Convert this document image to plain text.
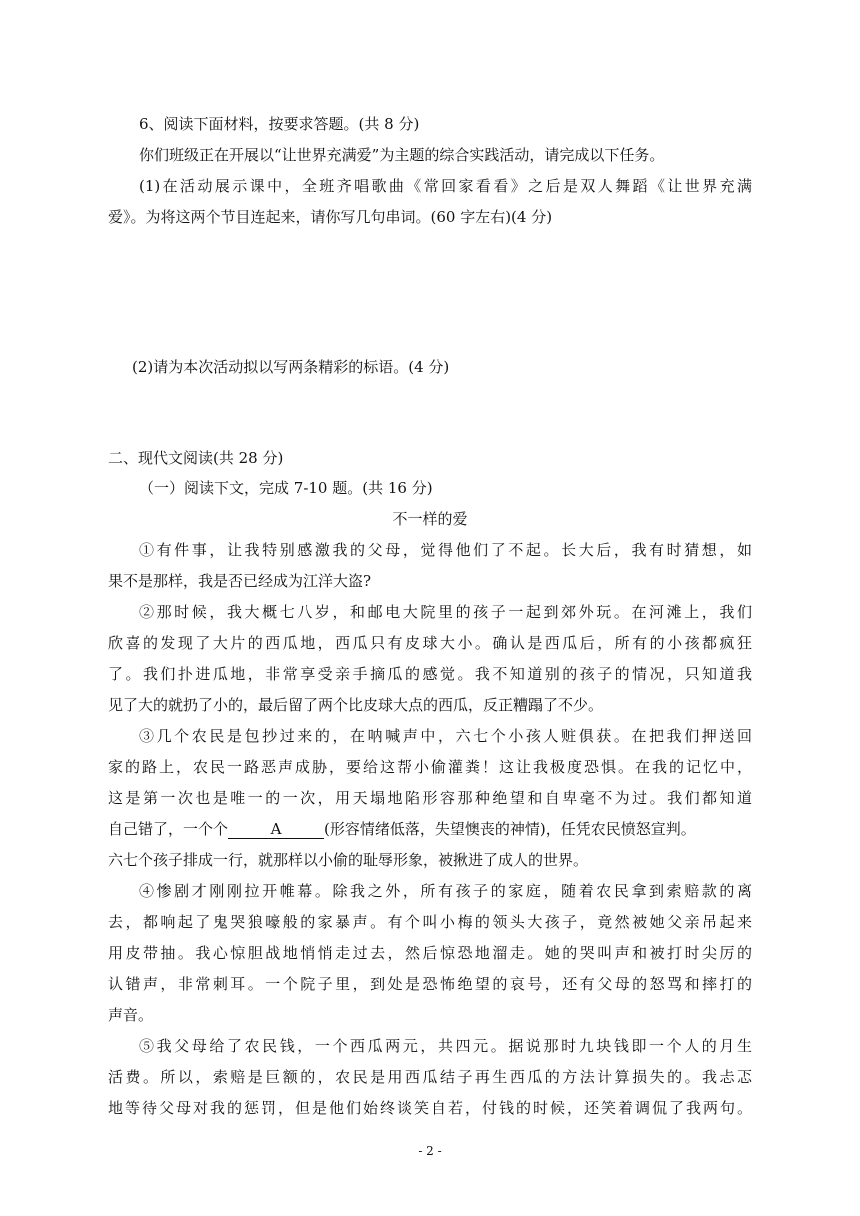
6、阅读下面材料，按要求答题。(共 8 分)
你们班级正在开展以“让世界充满爱”为主题的综合实践活动，请完成以下任务。
(1)在活动展示课中，全班齐唱歌曲《常回家看看》之后是双人舞蹈《让世界充满
爱》。为将这两个节目连起来，请你写几句串词。(60 字左右)(4 分)
(2)请为本次活动拟以写两条精彩的标语。(4 分)
二、现代文阅读(共 28 分)
（一）阅读下文，完成 7-10 题。(共 16 分)
不一样的爱
①有件事，让我特别感激我的父母，觉得他们了不起。长大后，我有时猜想，如
果不是那样，我是否已经成为江洋大盗?
②那时候，我大概七八岁，和邮电大院里的孩子一起到郊外玩。在河滩上，我们
欣喜的发现了大片的西瓜地，西瓜只有皮球大小。确认是西瓜后，所有的小孩都疯狂
了。我们扑进瓜地，非常享受亲手摘瓜的感觉。我不知道别的孩子的情况，只知道我
见了大的就扔了小的，最后留了两个比皮球大点的西瓜，反正糟蹋了不少。
③几个农民是包抄过来的，在呐喊声中，六七个小孩人赃俱获。在把我们押送回
家的路上，农民一路恶声成胁，要给这帮小偷灌粪！这让我极度恐惧。在我的记忆中，
这是第一次也是唯一的一次，用天塌地陷形容那种绝望和自卑毫不为过。我们都知道
自己错了，一个个	A	(形容情绪低落，失望懊丧的神情)，任凭农民愤怒宣判。
六七个孩子排成一行，就那样以小偷的耻辱形象，被揪进了成人的世界。
④惨剧才刚刚拉开帷幕。除我之外，所有孩子的家庭，随着农民拿到索赔款的离
去，都响起了鬼哭狼嚎般的家暴声。有个叫小梅的领头大孩子，竟然被她父亲吊起来
用皮带抽。我心惊胆战地悄悄走过去，然后惊恐地溜走。她的哭叫声和被打时尖厉的
认错声，非常刺耳。一个院子里，到处是恐怖绝望的哀号，还有父母的怒骂和摔打的
声音。
⑤我父母给了农民钱，一个西瓜两元，共四元。据说那时九块钱即一个人的月生
活费。所以，索赔是巨额的，农民是用西瓜结子再生西瓜的方法计算损失的。我忐忑
地等待父母对我的惩罚，但是他们始终谈笑自若，付钱的时候，还笑着调侃了我两句。
- 2 -
